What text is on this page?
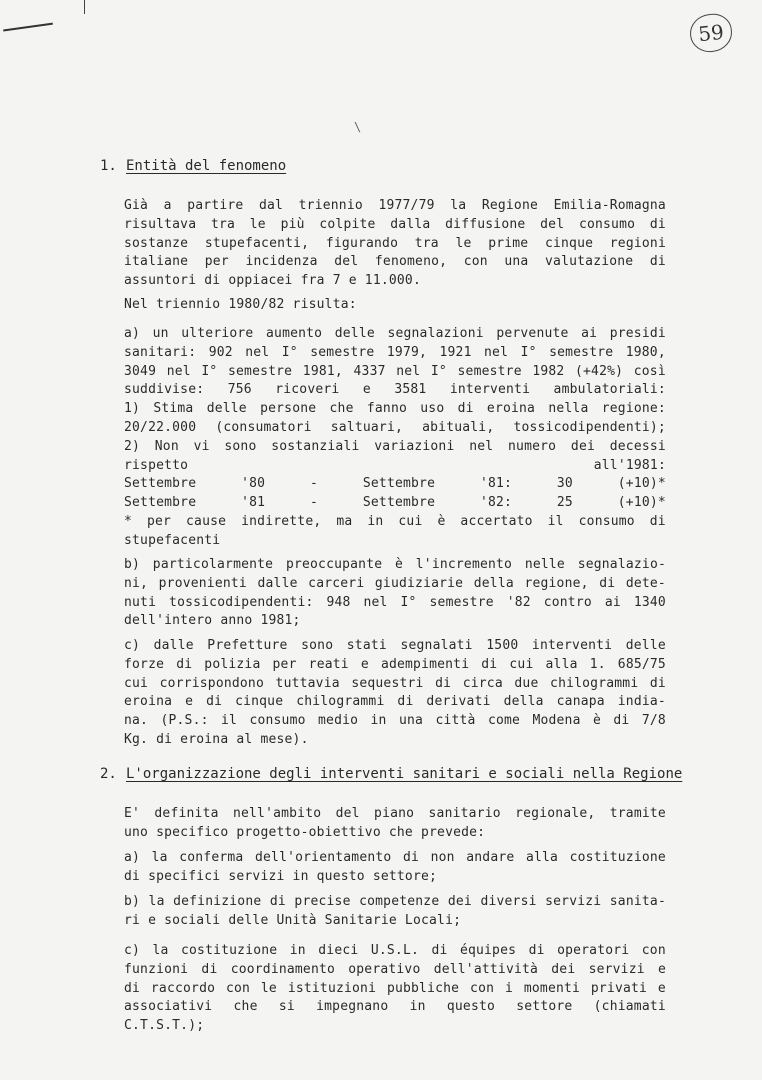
\
59
1. Entità del fenomeno
Già a partire dal triennio 1977/79 la Regione Emilia-Romagna
risultava tra le più colpite dalla diffusione del consumo di
sostanze stupefacenti, figurando tra le prime cinque regioni
italiane per incidenza del fenomeno, con una valutazione di
assuntori di oppiacei fra 7 e 11.000.
Nel triennio 1980/82 risulta:
a) un ulteriore aumento delle segnalazioni pervenute ai presidi
sanitari: 902 nel I° semestre 1979, 1921 nel I° semestre 1980,
3049 nel I° semestre 1981, 4337 nel I° semestre 1982 (+42%) così
suddivise: 756 ricoveri e 3581 interventi ambulatoriali:
1) Stima delle persone che fanno uso di eroina nella regione:
20/22.000 (consumatori saltuari, abituali, tossicodipendenti);
2) Non vi sono sostanziali variazioni nel numero dei decessi
rispetto	all'1981:
Settembre	'80	-	Settembre	'81:	30	(+10)*
Settembre	'81	-	Settembre	'82:	25	(+10)*
* per cause indirette, ma in cui è accertato il consumo di
stupefacenti
b) particolarmente preoccupante è l'incremento nelle segnalazio-
ni, provenienti dalle carceri giudiziarie della regione, di dete-
nuti tossicodipendenti: 948 nel I° semestre '82 contro ai 1340
dell'intero anno 1981;
c) dalle Prefetture sono stati segnalati 1500 interventi delle
forze di polizia per reati e adempimenti di cui alla 1. 685/75
cui corrispondono tuttavia sequestri di circa due chilogrammi di
eroina e di cinque chilogrammi di derivati della canapa india-
na. (P.S.: il consumo medio in una città come Modena è di 7/8
Kg. di eroina al mese).
2. L'organizzazione degli interventi sanitari e sociali nella Regione
E' definita nell'ambito del piano sanitario regionale, tramite
uno specifico progetto-obiettivo che prevede:
a) la conferma dell'orientamento di non andare alla costituzione
di specifici servizi in questo settore;
b) la definizione di precise competenze dei diversi servizi sanita-
ri e sociali delle Unità Sanitarie Locali;
c) la costituzione in dieci U.S.L. di équipes di operatori con
funzioni di coordinamento operativo dell'attività dei servizi e
di raccordo con le istituzioni pubbliche con i momenti privati e
associativi che si impegnano in questo settore (chiamati
C.T.S.T.);
